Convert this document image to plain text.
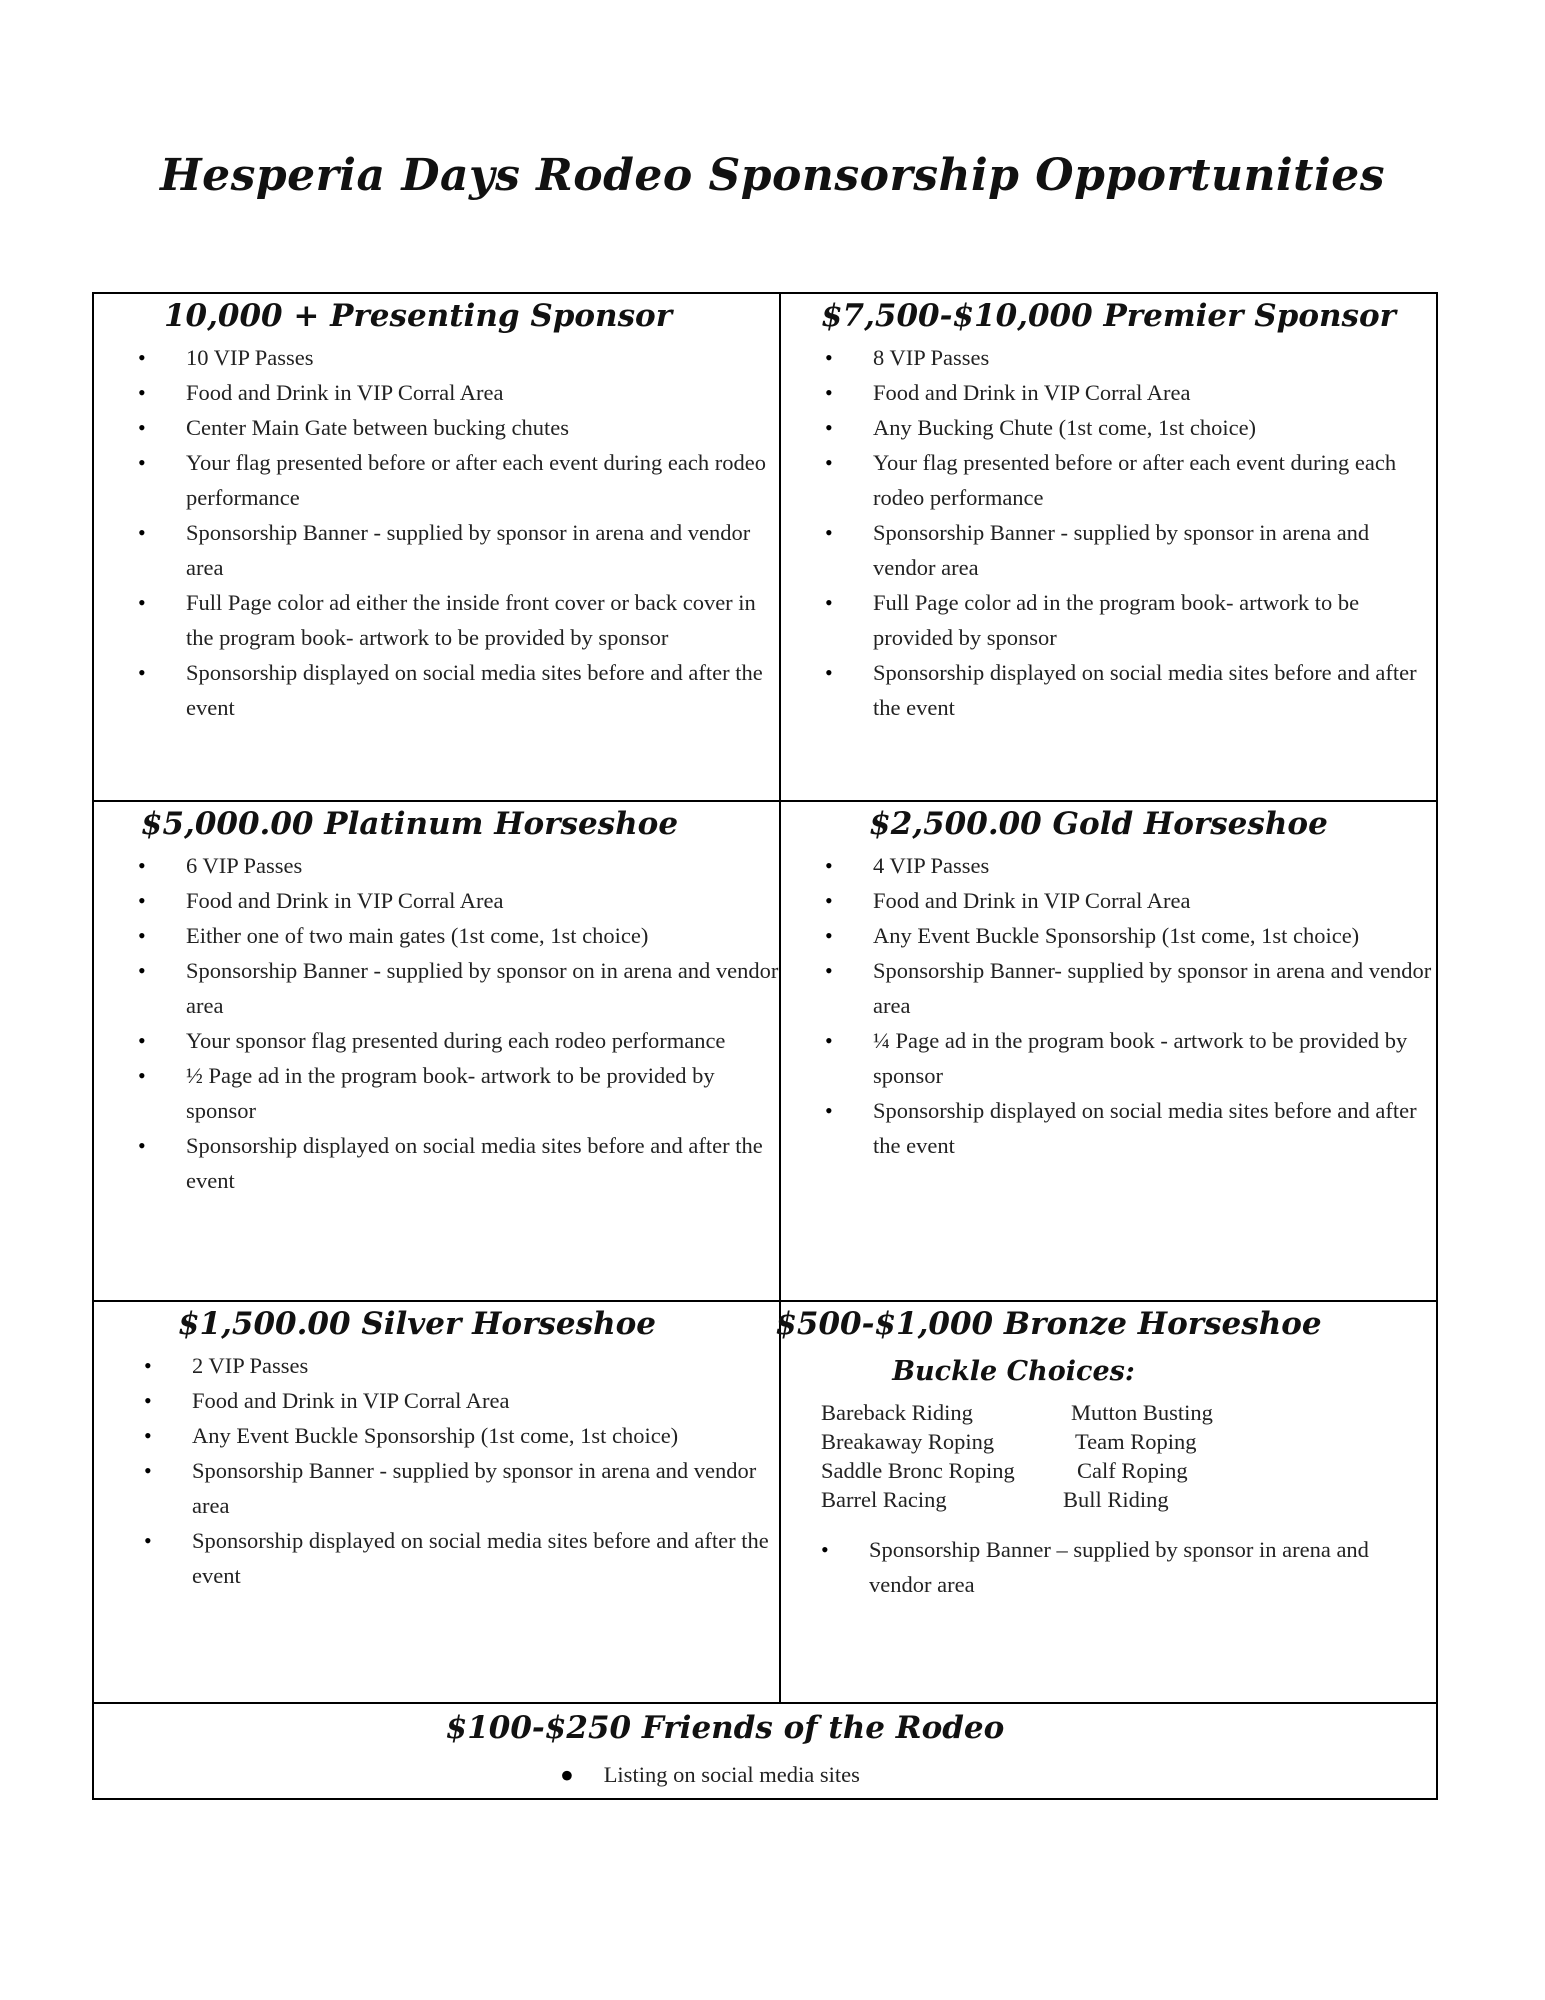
Hesperia Days Rodeo Sponsorship Opportunities
10,000 + Presenting Sponsor
• 10 VIP Passes
• Food and Drink in VIP Corral Area
• Center Main Gate between bucking chutes
• Your flag presented before or after each event during each rodeo performance
• Sponsorship Banner - supplied by sponsor in arena and vendor area
• Full Page color ad either the inside front cover or back cover in the program book- artwork to be provided by sponsor
• Sponsorship displayed on social media sites before and after the event
$7,500-$10,000 Premier Sponsor
• 8 VIP Passes
• Food and Drink in VIP Corral Area
• Any Bucking Chute (1st come, 1st choice)
• Your flag presented before or after each event during each rodeo performance
• Sponsorship Banner - supplied by sponsor in arena and vendor area
• Full Page color ad in the program book- artwork to be provided by sponsor
• Sponsorship displayed on social media sites before and after the event
$5,000.00 Platinum Horseshoe
• 6 VIP Passes
• Food and Drink in VIP Corral Area
• Either one of two main gates (1st come, 1st choice)
• Sponsorship Banner - supplied by sponsor on in arena and vendor area
• Your sponsor flag presented during each rodeo performance
• ½ Page ad in the program book- artwork to be provided by sponsor
• Sponsorship displayed on social media sites before and after the event
$2,500.00 Gold Horseshoe
• 4 VIP Passes
• Food and Drink in VIP Corral Area
• Any Event Buckle Sponsorship (1st come, 1st choice)
• Sponsorship Banner- supplied by sponsor in arena and vendor area
• ¼ Page ad in the program book - artwork to be provided by sponsor
• Sponsorship displayed on social media sites before and after the event
$1,500.00 Silver Horseshoe
• 2 VIP Passes
• Food and Drink in VIP Corral Area
• Any Event Buckle Sponsorship (1st come, 1st choice)
• Sponsorship Banner - supplied by sponsor in arena and vendor area
• Sponsorship displayed on social media sites before and after the event
$500-$1,000 Bronze Horseshoe
Buckle Choices:
Bareback Riding	Mutton Busting
Breakaway Roping	Team Roping
Saddle Bronc Roping	Calf Roping
Barrel Racing	Bull Riding
• Sponsorship Banner – supplied by sponsor in arena and vendor area
$100-$250 Friends of the Rodeo
● Listing on social media sites
